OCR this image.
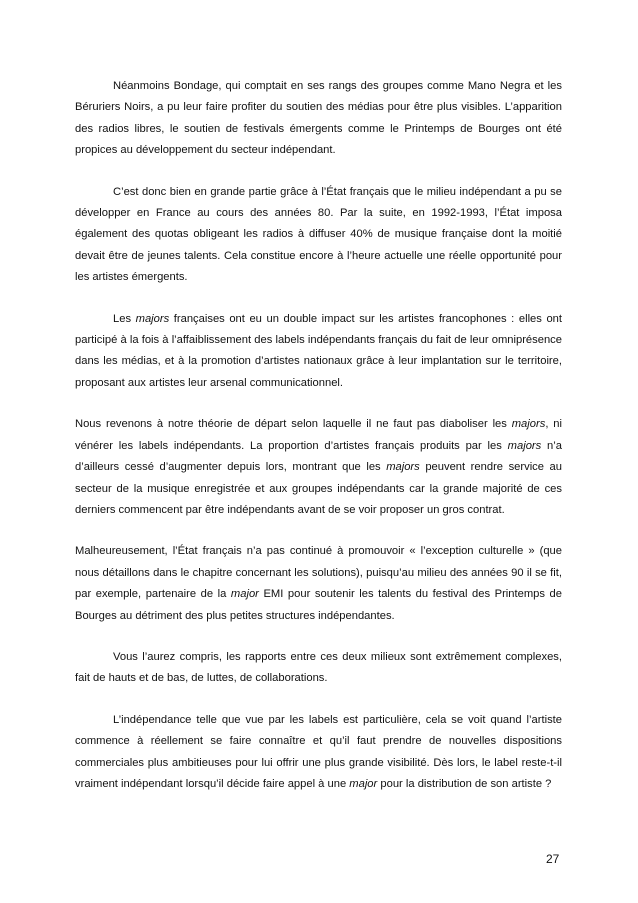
Néanmoins Bondage, qui comptait en ses rangs des groupes comme Mano Negra et les Béruriers Noirs, a pu leur faire profiter du soutien des médias pour être plus visibles. L’apparition des radios libres, le soutien de festivals émergents comme le Printemps de Bourges ont été propices au développement du secteur indépendant.

C’est donc bien en grande partie grâce à l’État français que le milieu indépendant a pu se développer en France au cours des années 80. Par la suite, en 1992-1993, l’État imposa également des quotas obligeant les radios à diffuser 40% de musique française dont la moitié devait être de jeunes talents. Cela constitue encore à l’heure actuelle une réelle opportunité pour les artistes émergents.

Les majors françaises ont eu un double impact sur les artistes francophones : elles ont participé à la fois à l’affaiblissement des labels indépendants français du fait de leur omniprésence dans les médias, et à la promotion d’artistes nationaux grâce à leur implantation sur le territoire, proposant aux artistes leur arsenal communicationnel.

Nous revenons à notre théorie de départ selon laquelle il ne faut pas diaboliser les majors, ni vénérer les labels indépendants. La proportion d’artistes français produits par les majors n’a d’ailleurs cessé d’augmenter depuis lors, montrant que les majors peuvent rendre service au secteur de la musique enregistrée et aux groupes indépendants car la grande majorité de ces derniers commencent par être indépendants avant de se voir proposer un gros contrat.

Malheureusement, l’État français n’a pas continué à promouvoir « l’exception culturelle » (que nous détaillons dans le chapitre concernant les solutions), puisqu’au milieu des années 90 il se fit, par exemple, partenaire de la major EMI pour soutenir les talents du festival des Printemps de Bourges au détriment des plus petites structures indépendantes.

Vous l’aurez compris, les rapports entre ces deux milieux sont extrêmement complexes, fait de hauts et de bas, de luttes, de collaborations.

L’indépendance telle que vue par les labels est particulière, cela se voit quand l’artiste commence à réellement se faire connaître et qu’il faut prendre de nouvelles dispositions commerciales plus ambitieuses pour lui offrir une plus grande visibilité. Dès lors, le label reste-t-il vraiment indépendant lorsqu’il décide faire appel à une major pour la distribution de son artiste ?

27
